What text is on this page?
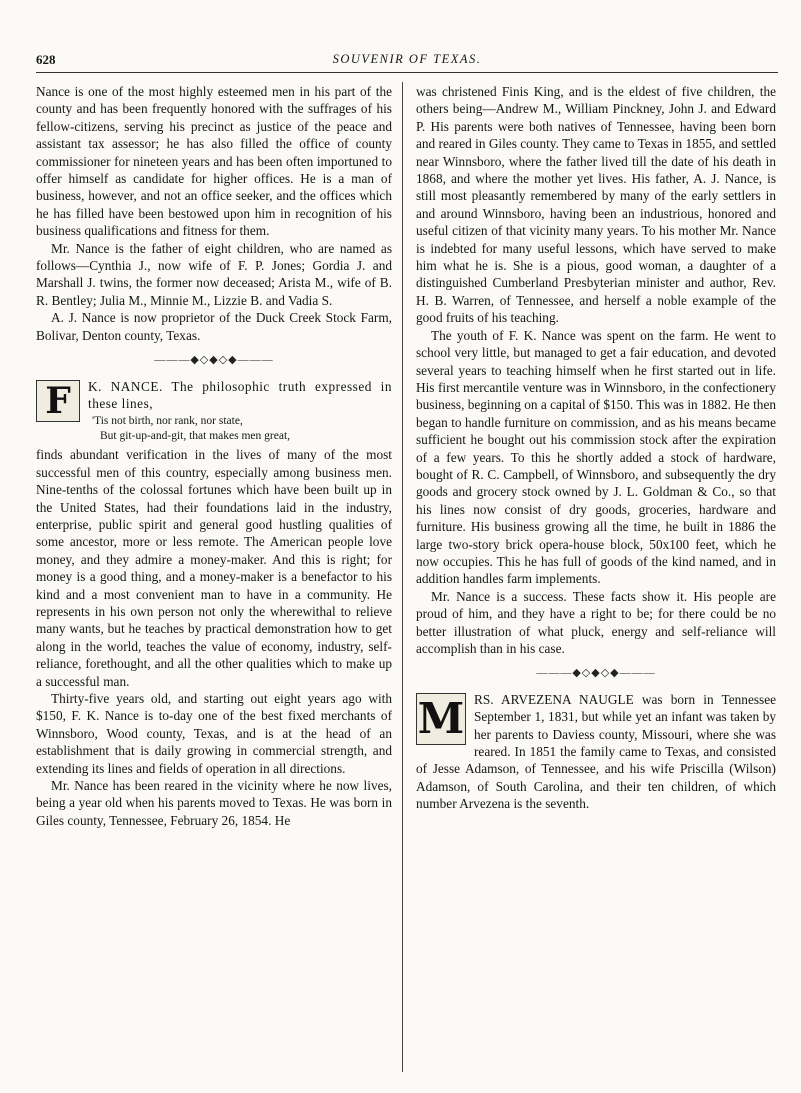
628	SOUVENIR OF TEXAS.

Nance is one of the most highly esteemed men in his part of the county and has been frequently honored with the suffrages of his fellow-citizens, serving his precinct as justice of the peace and assistant tax assessor; he has also filled the office of county commissioner for nineteen years and has been often importuned to offer himself as candidate for higher offices. He is a man of business, however, and not an office seeker, and the offices which he has filled have been bestowed upon him in recognition of his business qualifications and fitness for them.

Mr. Nance is the father of eight children, who are named as follows—Cynthia J., now wife of F. P. Jones; Gordia J. and Marshall J. twins, the former now deceased; Arista M., wife of B. R. Bentley; Julia M., Minnie M., Lizzie B. and Vadia S.

A. J. Nance is now proprietor of the Duck Creek Stock Farm, Bolivar, Denton county, Texas.

———◆◇◆◇◆———
F	K. NANCE. The philosophic truth expressed in these lines,

'Tis not birth, nor rank, nor state,
But git-up-and-git, that makes men great,

finds abundant verification in the lives of many of the most successful men of this country, especially among business men. Nine-tenths of the colossal fortunes which have been built up in the United States, had their foundations laid in the industry, enterprise, public spirit and general good hustling qualities of some ancestor, more or less remote. The American people love money, and they admire a money-maker. And this is right; for money is a good thing, and a money-maker is a benefactor to his kind and a most convenient man to have in a community. He represents in his own person not only the wherewithal to relieve many wants, but he teaches by practical demonstration how to get along in the world, teaches the value of economy, industry, self-reliance, forethought, and all the other qualities which to make up a successful man.

Thirty-five years old, and starting out eight years ago with $150, F. K. Nance is to-day one of the best fixed merchants of Winnsboro, Wood county, Texas, and is at the head of an establishment that is daily growing in commercial strength, and extending its lines and fields of operation in all directions.

Mr. Nance has been reared in the vicinity where he now lives, being a year old when his parents moved to Texas. He was born in Giles county, Tennessee, February 26, 1854. He

was christened Finis King, and is the eldest of five children, the others being—Andrew M., William Pinckney, John J. and Edward P. His parents were both natives of Tennessee, having been born and reared in Giles county. They came to Texas in 1855, and settled near Winnsboro, where the father lived till the date of his death in 1868, and where the mother yet lives. His father, A. J. Nance, is still most pleasantly remembered by many of the early settlers in and around Winnsboro, having been an industrious, honored and useful citizen of that vicinity many years. To his mother Mr. Nance is indebted for many useful lessons, which have served to make him what he is. She is a pious, good woman, a daughter of a distinguished Cumberland Presbyterian minister and author, Rev. H. B. Warren, of Tennessee, and herself a noble example of the good fruits of his teaching.

The youth of F. K. Nance was spent on the farm. He went to school very little, but managed to get a fair education, and devoted several years to teaching himself when he first started out in life. His first mercantile venture was in Winnsboro, in the confectionery business, beginning on a capital of $150. This was in 1882. He then began to handle furniture on commission, and as his means became sufficient he bought out his commission stock after the expiration of a few years. To this he shortly added a stock of hardware, bought of R. C. Campbell, of Winnsboro, and subsequently the dry goods and grocery stock owned by J. L. Goldman & Co., so that his lines now consist of dry goods, groceries, hardware and furniture. His business growing all the time, he built in 1886 the large two-story brick opera-house block, 50x100 feet, which he now occupies. This he has full of goods of the kind named, and in addition handles farm implements.

Mr. Nance is a success. These facts show it. His people are proud of him, and they have a right to be; for there could be no better illustration of what pluck, energy and self-reliance will accomplish than in his case.

———◆◇◆◇◆———
M RS. ARVEZENA NAUGLE was born in Tennessee September 1, 1831, but while yet an infant was taken by her parents to Daviess county, Missouri, where she was reared. In 1851 the family came to Texas, and consisted of Jesse Adamson, of Tennessee, and his wife Priscilla (Wilson) Adamson, of South Carolina, and their ten children, of which number Arvezena is the seventh.
